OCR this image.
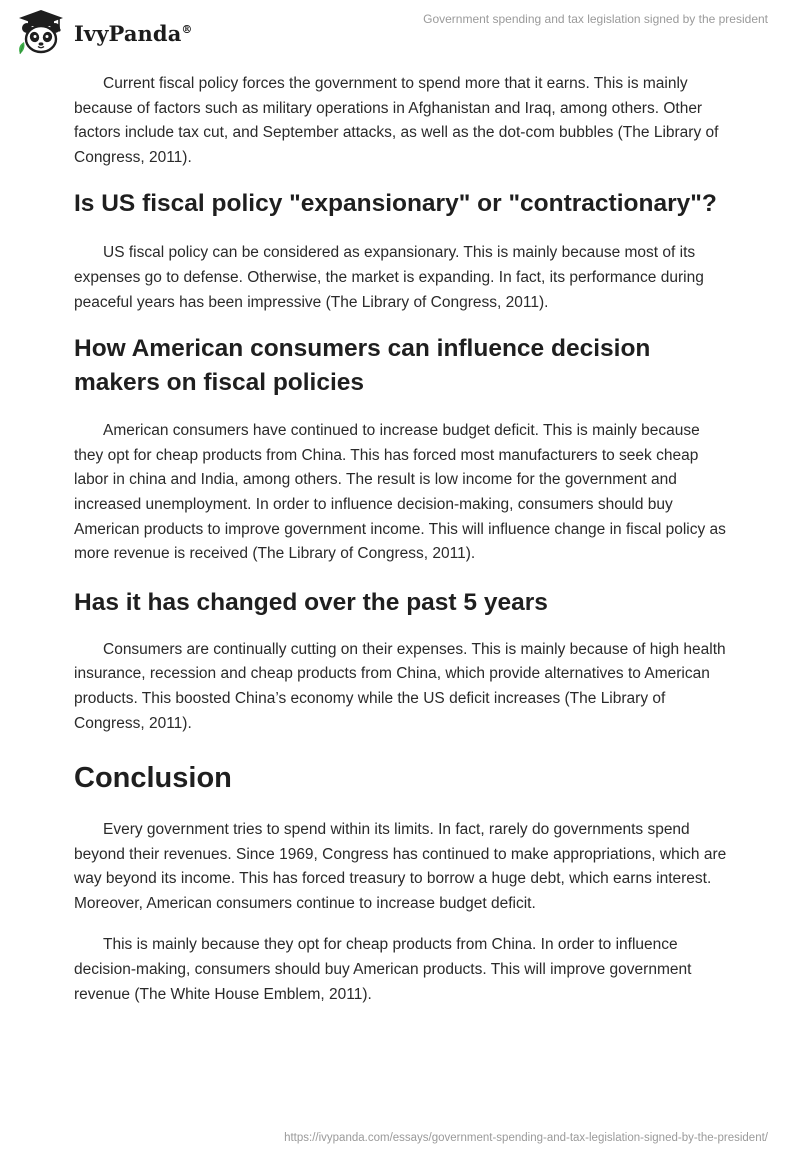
IvyPanda®
Government spending and tax legislation signed by the president

Current fiscal policy forces the government to spend more that it earns. This is mainly because of factors such as military operations in Afghanistan and Iraq, among others. Other factors include tax cut, and September attacks, as well as the dot-com bubbles (The Library of Congress, 2011).

Is US fiscal policy "expansionary" or "contractionary"?

US fiscal policy can be considered as expansionary. This is mainly because most of its expenses go to defense. Otherwise, the market is expanding. In fact, its performance during peaceful years has been impressive (The Library of Congress, 2011).

How American consumers can influence decision makers on fiscal policies

American consumers have continued to increase budget deficit. This is mainly because they opt for cheap products from China. This has forced most manufacturers to seek cheap labor in china and India, among others. The result is low income for the government and increased unemployment. In order to influence decision-making, consumers should buy American products to improve government income. This will influence change in fiscal policy as more revenue is received (The Library of Congress, 2011).

Has it has changed over the past 5 years

Consumers are continually cutting on their expenses. This is mainly because of high health insurance, recession and cheap products from China, which provide alternatives to American products. This boosted China’s economy while the US deficit increases (The Library of Congress, 2011).

Conclusion

Every government tries to spend within its limits. In fact, rarely do governments spend beyond their revenues. Since 1969, Congress has continued to make appropriations, which are way beyond its income. This has forced treasury to borrow a huge debt, which earns interest. Moreover, American consumers continue to increase budget deficit.

This is mainly because they opt for cheap products from China. In order to influence decision-making, consumers should buy American products. This will improve government revenue (The White House Emblem, 2011).

https://ivypanda.com/essays/government-spending-and-tax-legislation-signed-by-the-president/
